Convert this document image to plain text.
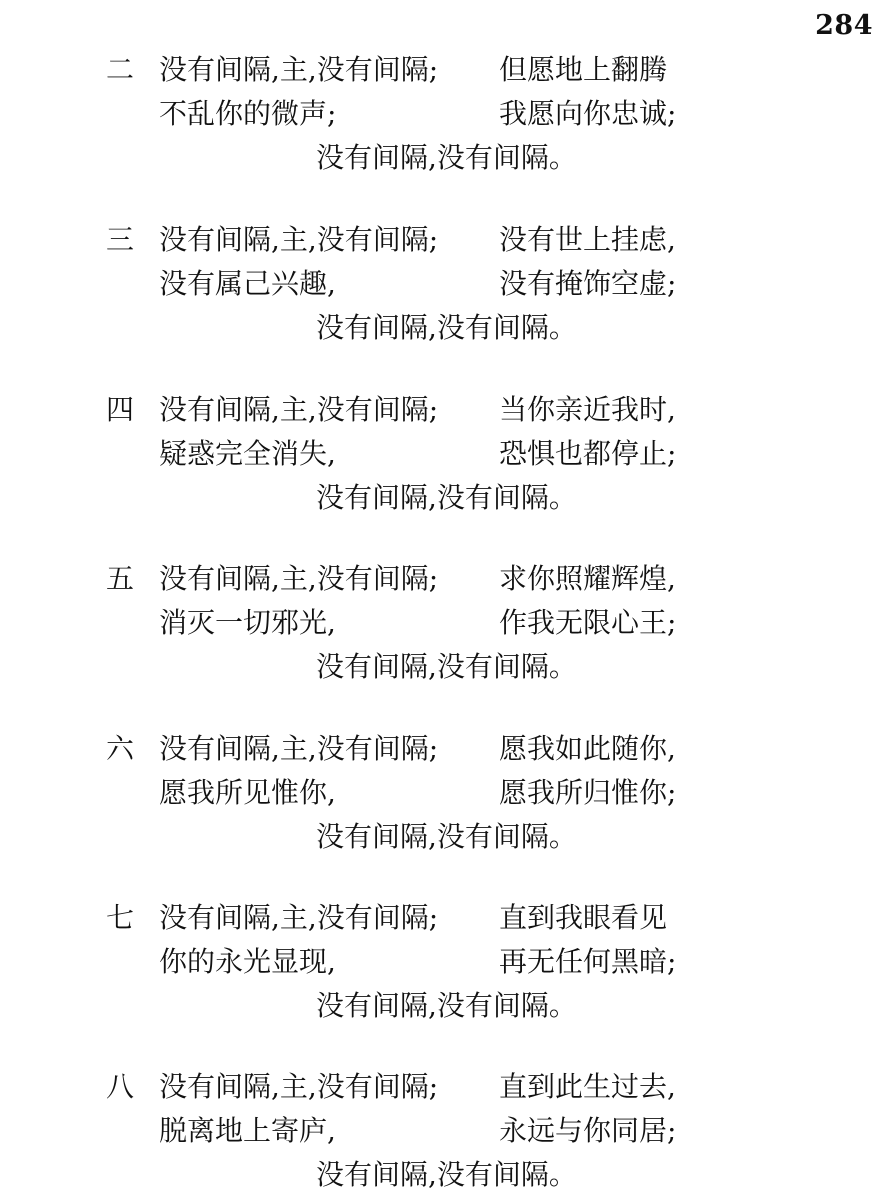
284
二 没有间隔,主,没有间隔; 但愿地上翻腾
不乱你的微声;	我愿向你忠诚;
没有间隔,没有间隔。
三 没有间隔,主,没有间隔; 没有世上挂虑,
没有属己兴趣,	没有掩饰空虚;
没有间隔,没有间隔。
四 没有间隔,主,没有间隔; 当你亲近我时,
疑惑完全消失,	恐惧也都停止;
没有间隔,没有间隔。
五 没有间隔,主,没有间隔; 求你照耀辉煌,
消灭一切邪光,	作我无限心王;
没有间隔,没有间隔。
六 没有间隔,主,没有间隔; 愿我如此随你,
愿我所见惟你,	愿我所归惟你;
没有间隔,没有间隔。
七 没有间隔,主,没有间隔; 直到我眼看见
你的永光显现,	再无任何黑暗;
没有间隔,没有间隔。
八 没有间隔,主,没有间隔; 直到此生过去,
脱离地上寄庐,	永远与你同居;
没有间隔,没有间隔。
